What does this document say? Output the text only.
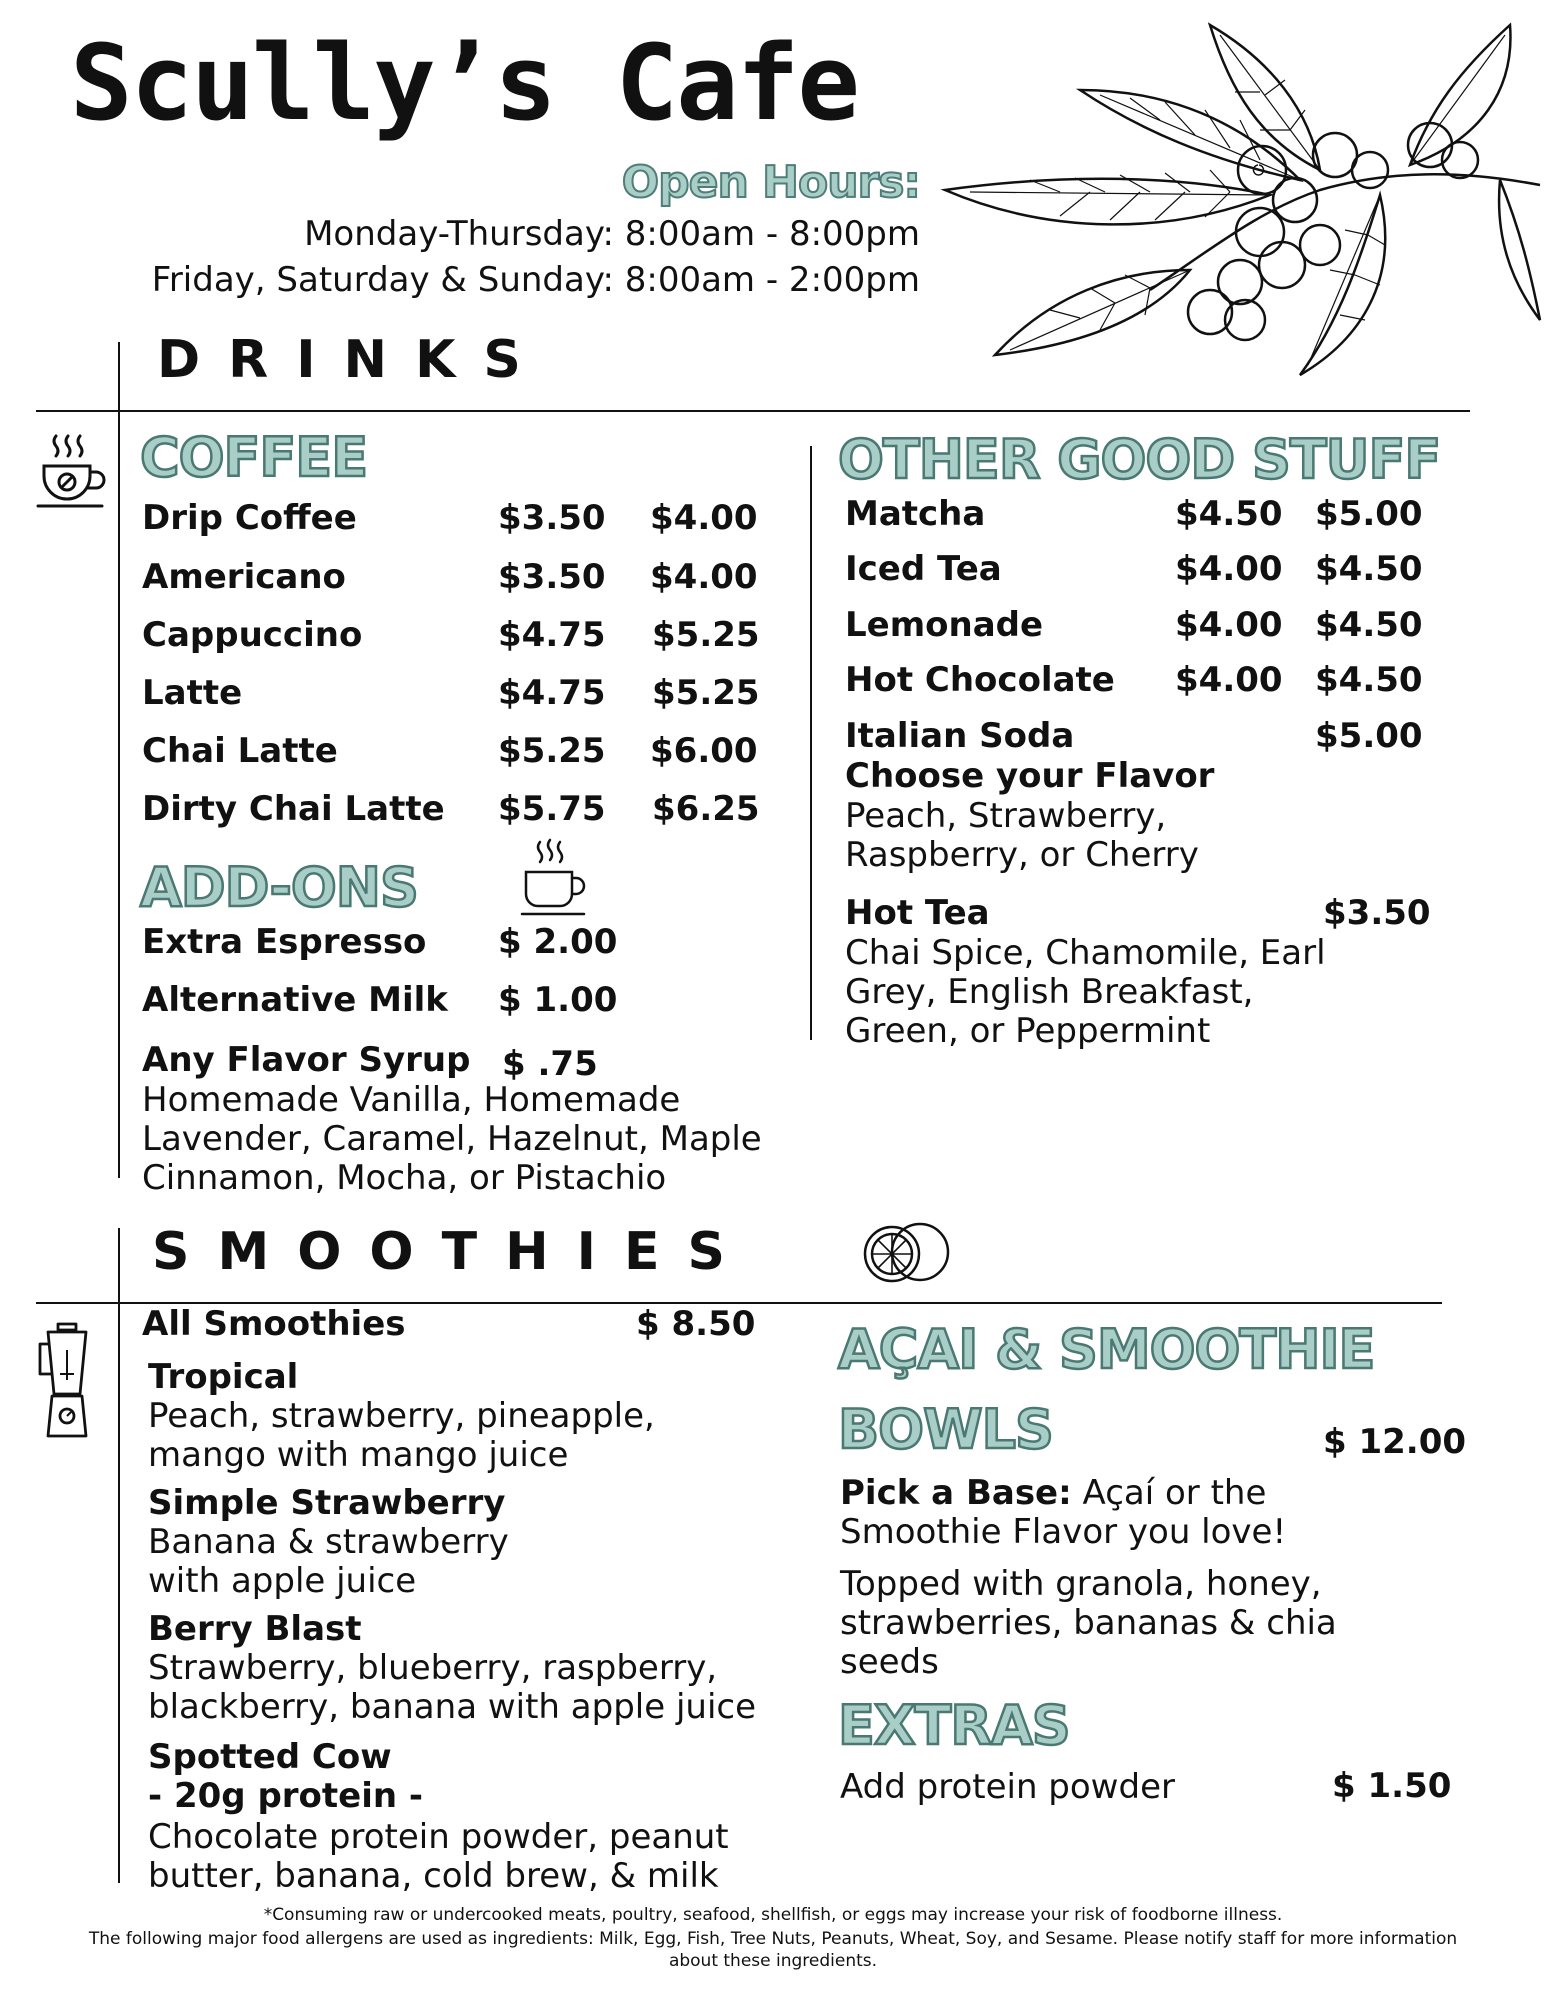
Scully’s Cafe
Open Hours:
Monday-Thursday: 8:00am - 8:00pm
Friday, Saturday & Sunday: 8:00am - 2:00pm
DRINKS
COFFEE
Drip Coffee	$3.50 $4.00
Americano	$3.50 $4.00
Cappuccino	$4.75 $5.25
Latte	$4.75 $5.25
Chai Latte	$5.25 $6.00
Dirty Chai Latte $5.75 $6.25
ADD-ONS
Extra Espresso $ 2.00
Alternative Milk $ 1.00
Any Flavor Syrup $ .75
Homemade Vanilla, Homemade Lavender, Caramel, Hazelnut, Maple Cinnamon, Mocha, or Pistachio
OTHER GOOD STUFF
Matcha	$4.50 $5.00
Iced Tea	$4.00 $4.50
Lemonade	$4.00 $4.50
Hot Chocolate $4.00 $4.50
Italian Soda	$5.00
Choose your Flavor
Peach, Strawberry, Raspberry, or Cherry
Hot Tea	$3.50
Chai Spice, Chamomile, Earl Grey, English Breakfast, Green, or Peppermint
SMOOTHIES
All Smoothies	$ 8.50
Tropical
Peach, strawberry, pineapple, mango with mango juice
Simple Strawberry
Banana & strawberry with apple juice
Berry Blast
Strawberry, blueberry, raspberry, blackberry, banana with apple juice
Spotted Cow
- 20g protein -
Chocolate protein powder, peanut butter, banana, cold brew, & milk
AÇAI & SMOOTHIE
BOWLS	$ 12.00
Pick a Base: Açaí or the Smoothie Flavor you love!
Topped with granola, honey, strawberries, bananas & chia seeds
EXTRAS
Add protein powder	$ 1.50
*Consuming raw or undercooked meats, poultry, seafood, shellfish, or eggs may increase your risk of foodborne illness.
The following major food allergens are used as ingredients: Milk, Egg, Fish, Tree Nuts, Peanuts, Wheat, Soy, and Sesame. Please notify staff for more information about these ingredients.
